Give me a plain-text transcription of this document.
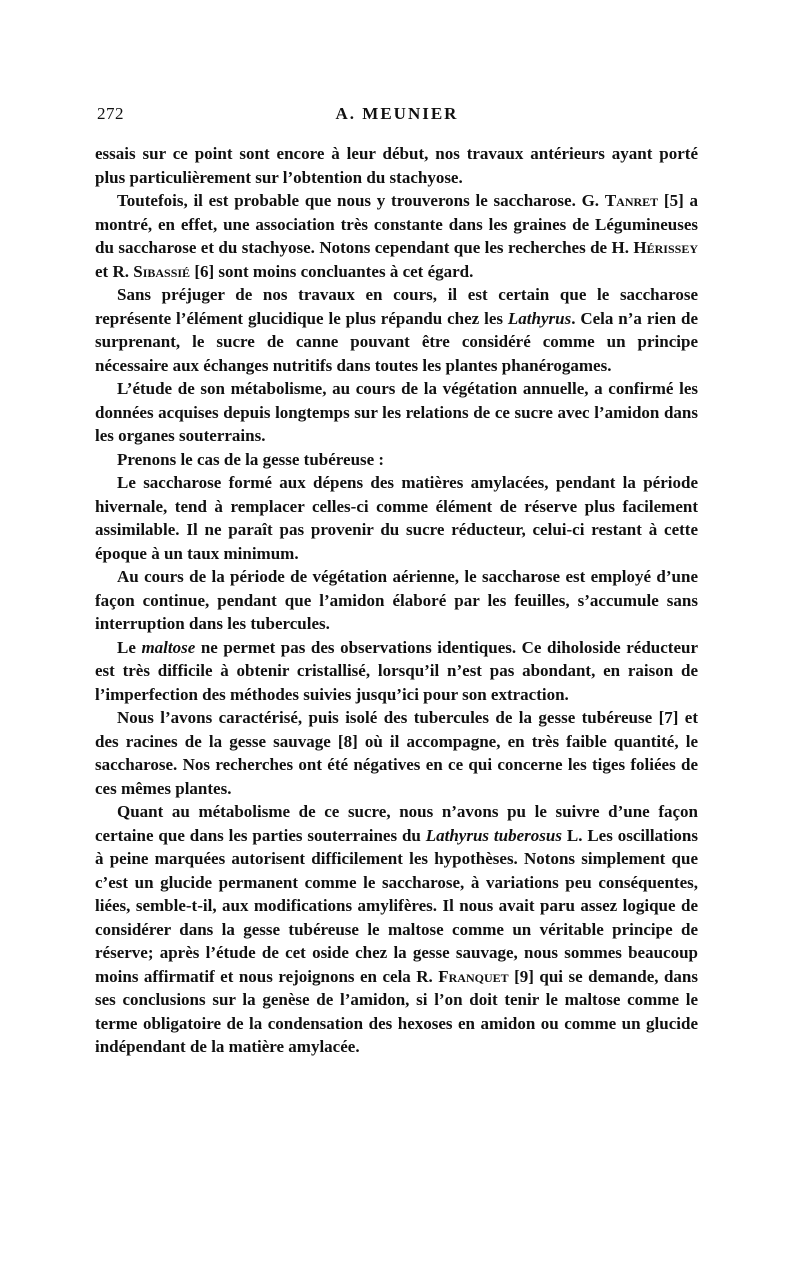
272	A. MEUNIER

essais sur ce point sont encore à leur début, nos travaux antérieurs ayant porté plus particulièrement sur l’obtention du stachyose.

Toutefois, il est probable que nous y trouverons le saccharose. G. Tanret [5] a montré, en effet, une association très constante dans les graines de Légumineuses du saccharose et du stachyose. Notons cependant que les recherches de H. Hérissey et R. Sibassié [6] sont moins concluantes à cet égard.

Sans préjuger de nos travaux en cours, il est certain que le saccharose représente l’élément glucidique le plus répandu chez les Lathyrus. Cela n’a rien de surprenant, le sucre de canne pouvant être considéré comme un principe nécessaire aux échanges nutritifs dans toutes les plantes phanérogames.

L’étude de son métabolisme, au cours de la végétation annuelle, a confirmé les données acquises depuis longtemps sur les relations de ce sucre avec l’amidon dans les organes souterrains.

Prenons le cas de la gesse tubéreuse :

Le saccharose formé aux dépens des matières amylacées, pendant la période hivernale, tend à remplacer celles-ci comme élément de réserve plus facilement assimilable. Il ne paraît pas provenir du sucre réducteur, celui-ci restant à cette époque à un taux minimum.

Au cours de la période de végétation aérienne, le saccharose est employé d’une façon continue, pendant que l’amidon élaboré par les feuilles, s’accumule sans interruption dans les tubercules.

Le maltose ne permet pas des observations identiques. Ce diholoside réducteur est très difficile à obtenir cristallisé, lorsqu’il n’est pas abondant, en raison de l’imperfection des méthodes suivies jusqu’ici pour son extraction.

Nous l’avons caractérisé, puis isolé des tubercules de la gesse tubéreuse [7] et des racines de la gesse sauvage [8] où il accompagne, en très faible quantité, le saccharose. Nos recherches ont été négatives en ce qui concerne les tiges foliées de ces mêmes plantes.

Quant au métabolisme de ce sucre, nous n’avons pu le suivre d’une façon certaine que dans les parties souterraines du Lathyrus tuberosus L. Les oscillations à peine marquées autorisent difficilement les hypothèses. Notons simplement que c’est un glucide permanent comme le saccharose, à variations peu conséquentes, liées, semble-t-il, aux modifications amylifères. Il nous avait paru assez logique de considérer dans la gesse tubéreuse le maltose comme un véritable principe de réserve; après l’étude de cet oside chez la gesse sauvage, nous sommes beaucoup moins affirmatif et nous rejoignons en cela R. Franquet [9] qui se demande, dans ses conclusions sur la genèse de l’amidon, si l’on doit tenir le maltose comme le terme obligatoire de la condensation des hexoses en amidon ou comme un glucide indépendant de la matière amylacée.
